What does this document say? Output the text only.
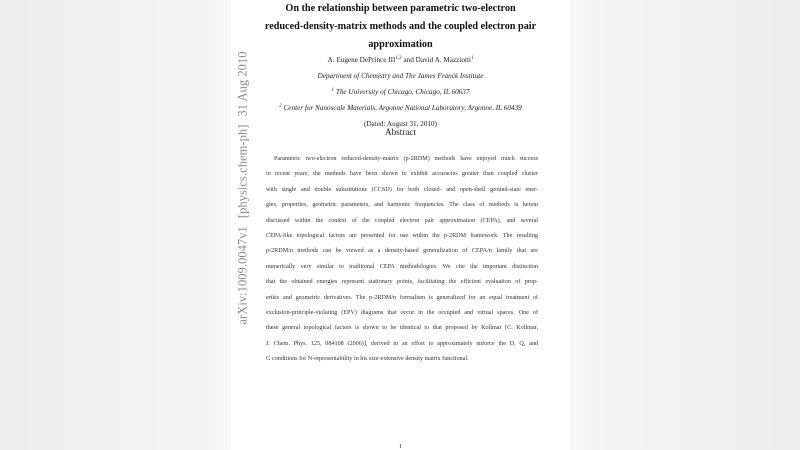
On the relationship between parametric two-electron
reduced-density-matrix methods and the coupled electron pair
approximation
A. Eugene DePrince III$^{1,2}$ and David A. Mazziotti$^1$
Department of Chemistry and The James Franck Institute
$^1$ The University of Chicago, Chicago, IL 60637
$^2$ Center for Nanoscale Materials, Argonne National Laboratory, Argonne, IL 60439
(Dated: August 31, 2010)
Abstract
Parametric two-electron reduced-density-matrix (p-2RDM) methods have enjoyed much success
in recent years; the methods have been shown to exhibit accuracies greater than coupled cluster
with single and double substitutions (CCSD) for both closed- and open-shell ground-state ener-
gies, properties, geometric parameters, and harmonic frequencies. The class of methods is herein
discussed within the context of the coupled electron pair approximation (CEPA), and several
CEPA-like topological factors are presented for use within the p-2RDM framework. The resulting
p-2RDM/n methods can be viewed as a density-based generalization of CEPA/n family that are
numerically very similar to traditional CEPA methodologies. We cite the important distinction
that the obtained energies represent stationary points, facilitating the efficient evaluation of prop-
erties and geometric derivatives. The p-2RDM/n formalism is generalized for an equal treatment of
exclusion-principle-violating (EPV) diagrams that occur in the occupied and virtual spaces. One of
these general topological factors is shown to be identical to that proposed by Kollmar [C. Kollmar,
J. Chem. Phys. 125, 084108 (2006)], derived in an effort to approximately enforce the D, Q, and
G conditions for N-representability in his size-extensive density matrix functional.
1
arXiv:1009.0047v1[physics.chem-ph]31 Aug 2010
